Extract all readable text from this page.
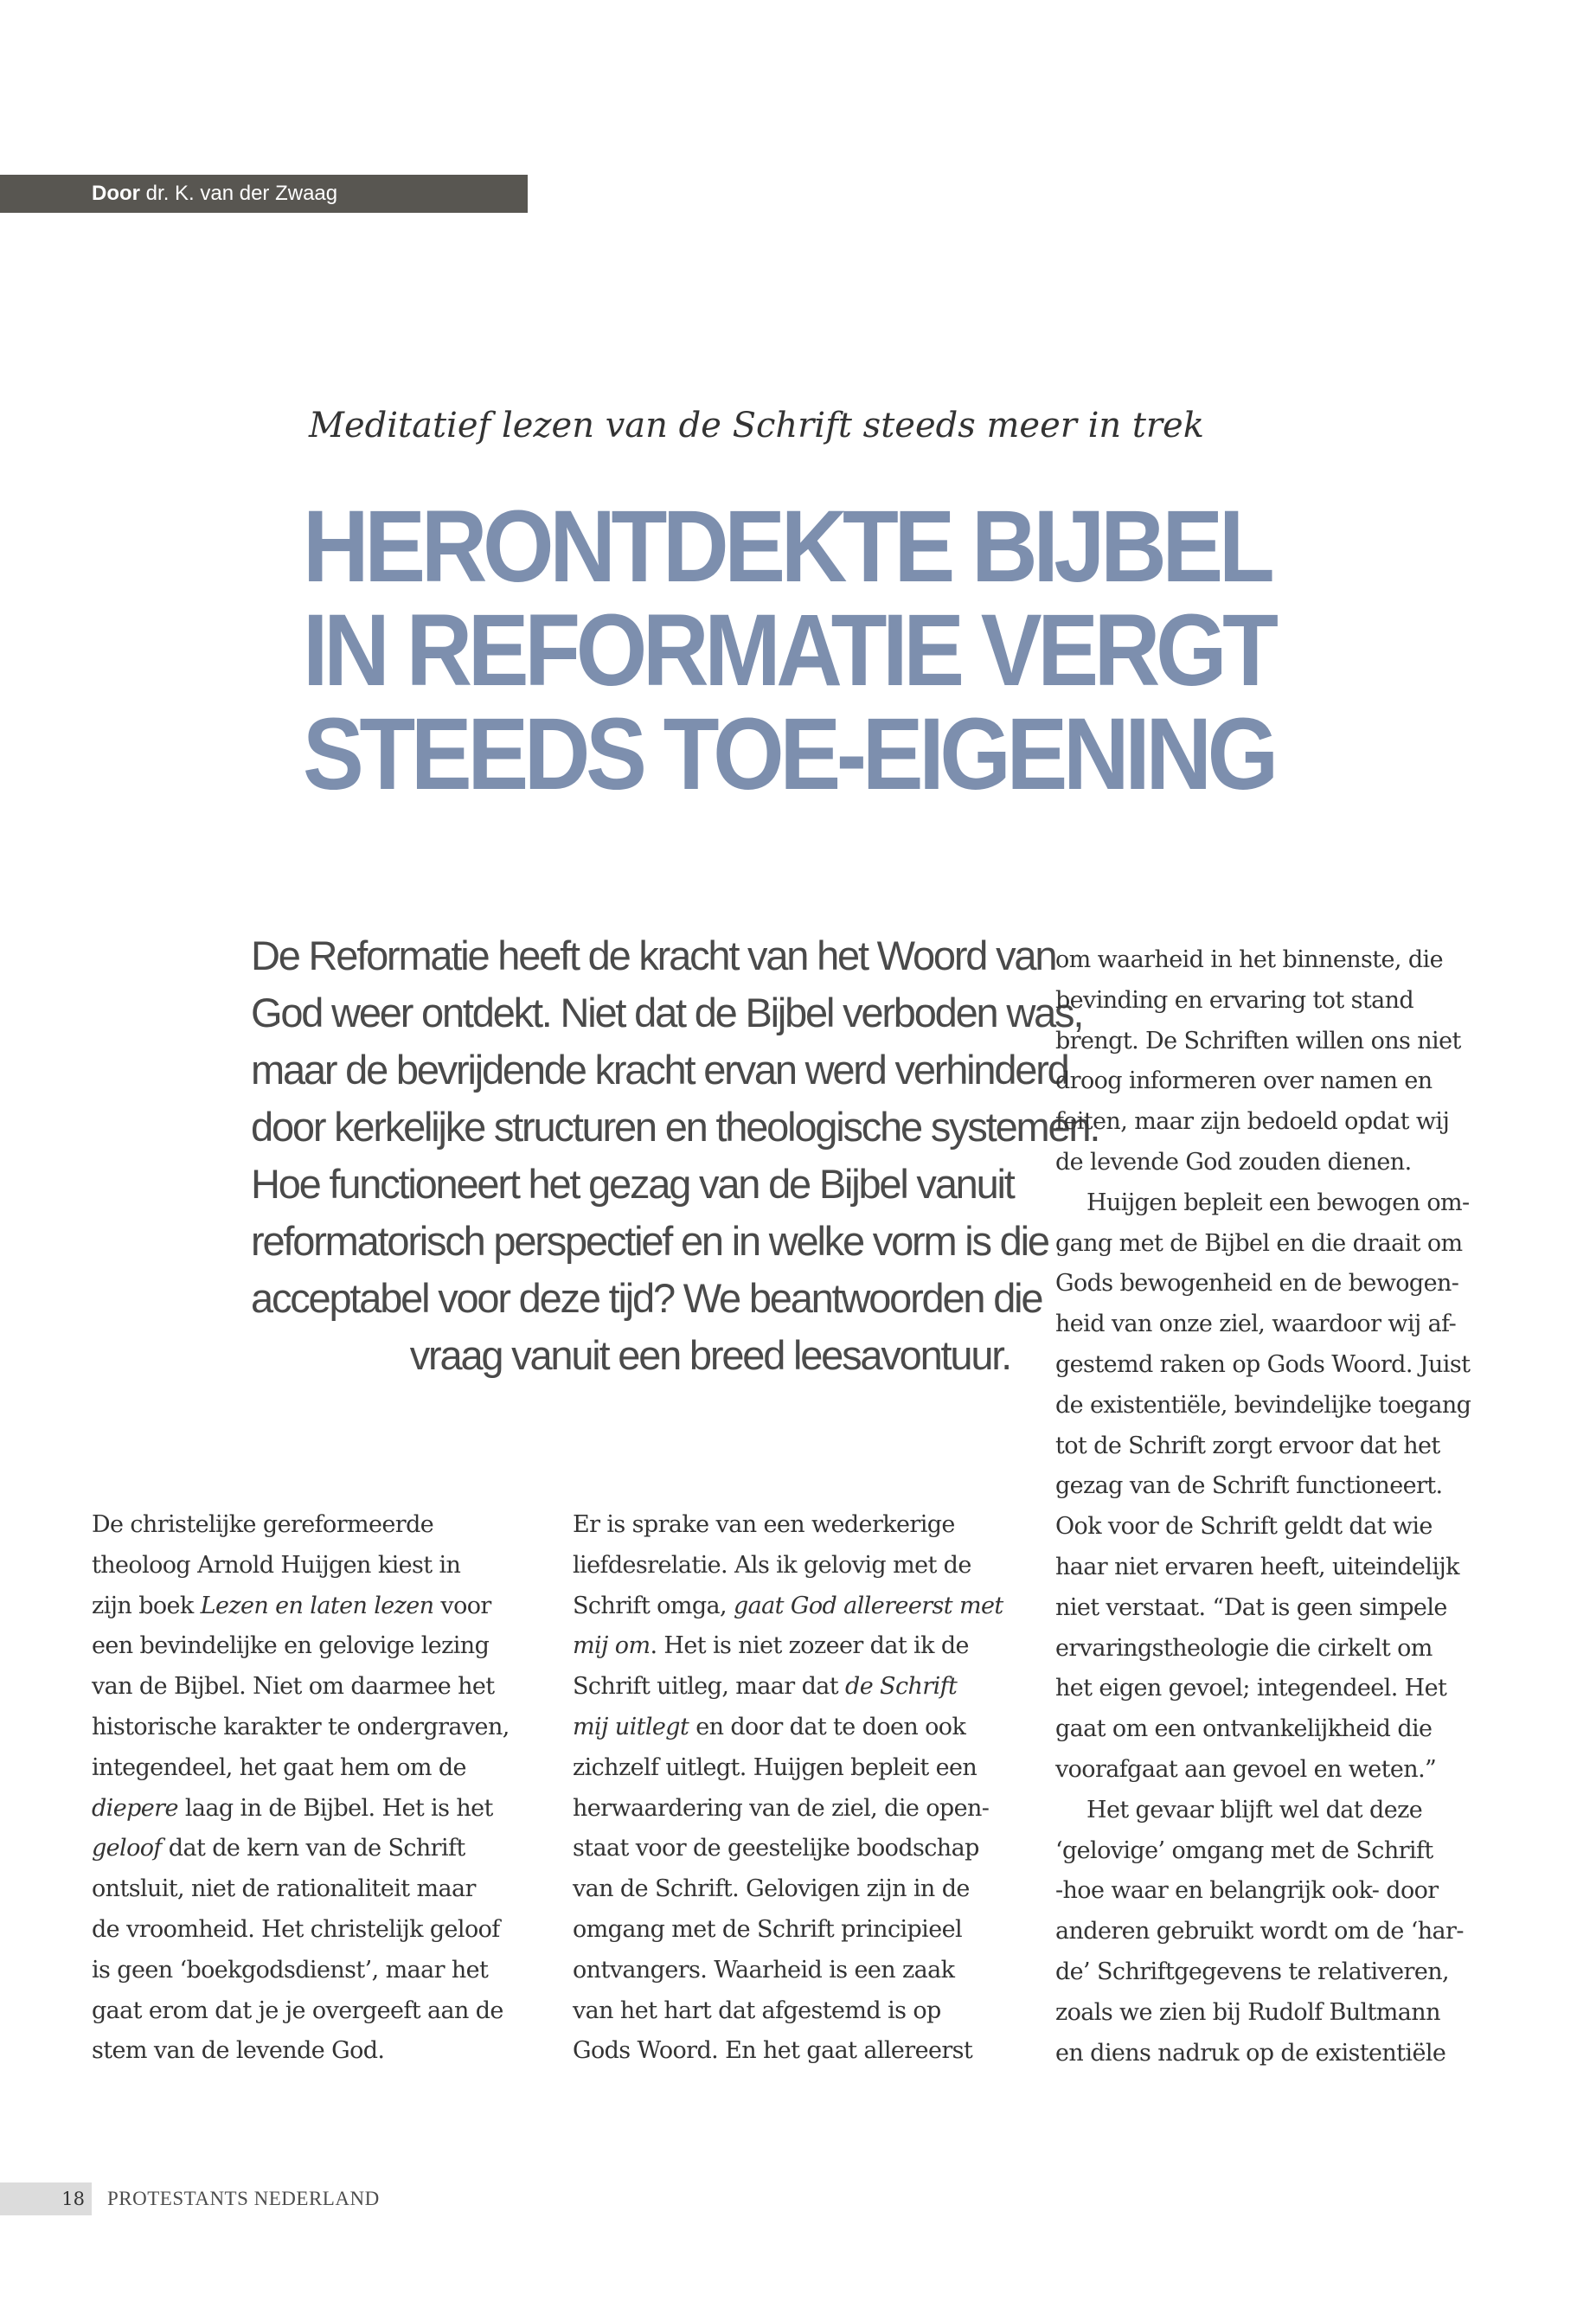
Door dr. K. van der Zwaag
Meditatief lezen van de Schrift steeds meer in trek
HERONTDEKTE BIJBEL
IN REFORMATIE VERGT
STEEDS TOE-EIGENING
De Reformatie heeft de kracht van het Woord van
God weer ontdekt. Niet dat de Bijbel verboden was,
maar de bevrijdende kracht ervan werd verhinderd
door kerkelijke structuren en theologische systemen.
Hoe functioneert het gezag van de Bijbel vanuit
reformatorisch perspectief en in welke vorm is die
acceptabel voor deze tijd? We beantwoorden die
vraag vanuit een breed leesavontuur.
De christelijke gereformeerde
theoloog Arnold Huijgen kiest in
zijn boek Lezen en laten lezen voor
een bevindelijke en gelovige lezing
van de Bijbel. Niet om daarmee het
historische karakter te ondergraven,
integendeel, het gaat hem om de
diepere laag in de Bijbel. Het is het
geloof dat de kern van de Schrift
ontsluit, niet de rationaliteit maar
de vroomheid. Het christelijk geloof
is geen ‘boekgodsdienst’, maar het
gaat erom dat je je overgeeft aan de
stem van de levende God.
Er is sprake van een wederkerige
liefdesrelatie. Als ik gelovig met de
Schrift omga, gaat God allereerst met
mij om. Het is niet zozeer dat ik de
Schrift uitleg, maar dat de Schrift
mij uitlegt en door dat te doen ook
zichzelf uitlegt. Huijgen bepleit een
herwaardering van de ziel, die open-
staat voor de geestelijke boodschap
van de Schrift. Gelovigen zijn in de
omgang met de Schrift principieel
ontvangers. Waarheid is een zaak
van het hart dat afgestemd is op
Gods Woord. En het gaat allereerst
om waarheid in het binnenste, die
bevinding en ervaring tot stand
brengt. De Schriften willen ons niet
droog informeren over namen en
feiten, maar zijn bedoeld opdat wij
de levende God zouden dienen.
Huijgen bepleit een bewogen om-
gang met de Bijbel en die draait om
Gods bewogenheid en de bewogen-
heid van onze ziel, waardoor wij af-
gestemd raken op Gods Woord. Juist
de existentiële, bevindelijke toegang
tot de Schrift zorgt ervoor dat het
gezag van de Schrift functioneert.
Ook voor de Schrift geldt dat wie
haar niet ervaren heeft, uiteindelijk
niet verstaat. “Dat is geen simpele
ervaringstheologie die cirkelt om
het eigen gevoel; integendeel. Het
gaat om een ontvankelijkheid die
voorafgaat aan gevoel en weten.”
Het gevaar blijft wel dat deze
‘gelovige’ omgang met de Schrift
-hoe waar en belangrijk ook- door
anderen gebruikt wordt om de ‘har-
de’ Schriftgegevens te relativeren,
zoals we zien bij Rudolf Bultmann
en diens nadruk op de existentiële
18	PROTESTANTS NEDERLAND
